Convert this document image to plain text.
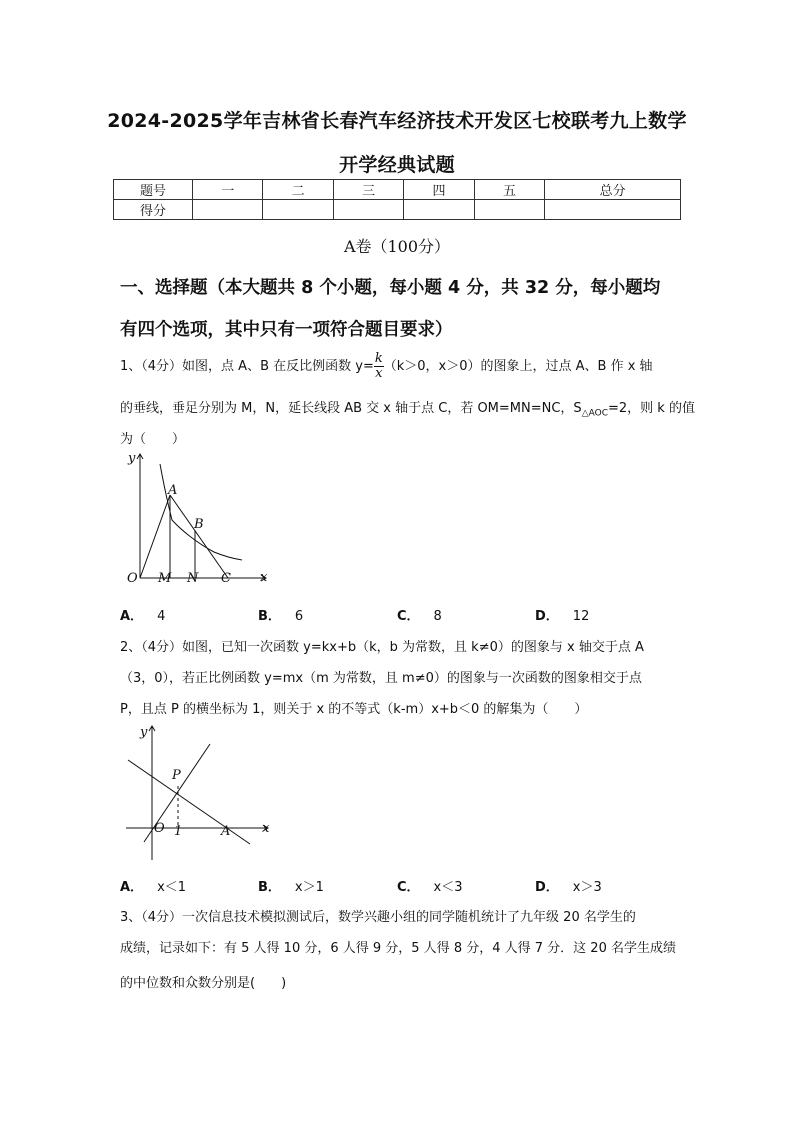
2024-2025学年吉林省长春汽车经济技术开发区七校联考九上数学
开学经典试题
题号	一	二	三	四	五	总分
得分						
A卷（100分）
一、选择题（本大题共 8 个小题，每小题 4 分，共 32 分，每小题均
有四个选项，其中只有一项符合题目要求）
1、（4分）如图，点 A、B 在反比例函数 $y= \frac{k}{x} (k>0$，x＞0）的图象上，过点 A、B 作 x 轴
的垂线，垂足分别为 M，N，延长线段 AB 交 x 轴于点 C，若 OM=MN=NC，$S_{\triangle AOC}=2$，则 k 的值
为（　　）
y
x
O M N C
A
B
A． 4	B． 6	C． 8	D． 12
2、（4分）如图，已知一次函数 y=kx+b（k，b 为常数，且 k≠0）的图象与 x 轴交于点 A
（3，0），若正比例函数 y=mx（m 为常数，且 m≠0）的图象与一次函数的图象相交于点
P，且点 P 的横坐标为 1，则关于 x 的不等式（k-m）x+b＜0 的解集为（　　）
y
x
O 1	A
P
A． x＜1	B． x＞1	C． x＜3	D． x＞3
3、（4分）一次信息技术模拟测试后，数学兴趣小组的同学随机统计了九年级 20 名学生的
成绩，记录如下：有 5 人得 10 分，6 人得 9 分，5 人得 8 分，4 人得 7 分．这 20 名学生成绩
的中位数和众数分别是(　　)
